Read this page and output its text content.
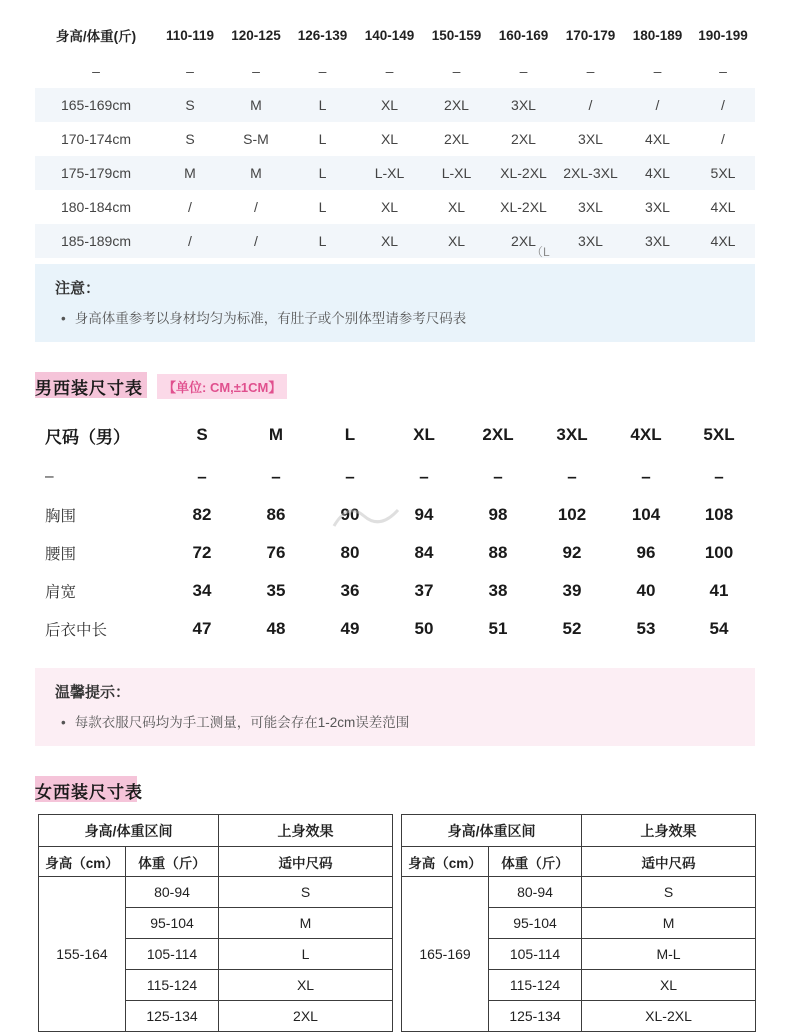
身高/体重(斤)	110-119	120-125	126-139	140-149	150-159	160-169	170-179	180-189	190-199
–	–	–	–	–	–	–	–	–	–
165-169cm	S	M	L	XL	2XL	3XL	/	/	/
170-174cm	S	S-M	L	XL	2XL	2XL	3XL	4XL	/
175-179cm	M	M	L	L-XL	L-XL	XL-2XL	2XL-3XL	4XL	5XL
180-184cm	/	/	L	XL	XL	XL-2XL	3XL	3XL	4XL
185-189cm	/	/	L	XL	XL	2XL	3XL	3XL	4XL
注意：
• 身高体重参考以身材均匀为标准，有肚子或个别体型请参考尺码表
男西装尺寸表	【单位: CM,±1CM】
尺码（男）	S	M	L	XL	2XL	3XL	4XL	5XL
–	–	–	–	–	–	–	–	–
胸围	82	86	90	94	98	102	104	108
腰围	72	76	80	84	88	92	96	100
肩宽	34	35	36	37	38	39	40	41
后衣中长	47	48	49	50	51	52	53	54
温馨提示：
• 每款衣服尺码均为手工测量，可能会存在1-2cm误差范围
女西装尺寸表
身高/体重区间		上身效果
身高（cm）	体重（斤）	适中尺码
155-164	80-94	S
	95-104	M
	105-114	L
	115-124	XL
	125-134	2XL
身高/体重区间		上身效果
身高（cm）	体重（斤）	适中尺码
165-169	80-94	S
	95-104	M
	105-114	M-L
	115-124	XL
	125-134	XL-2XL
（L
